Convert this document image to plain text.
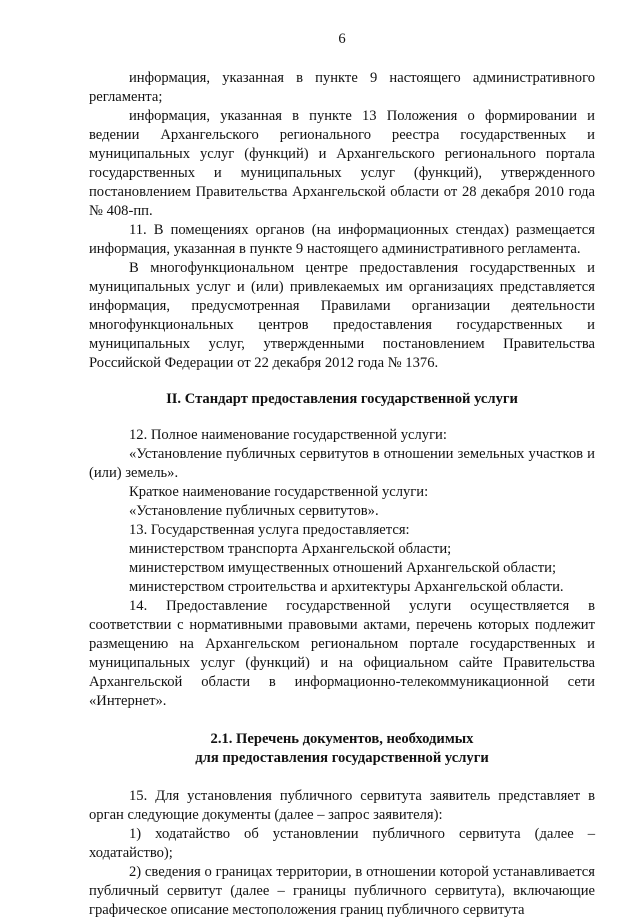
6

информация, указанная в пункте 9 настоящего административного регламента;

информация, указанная в пункте 13 Положения о формировании и ведении Архангельского регионального реестра государственных и муниципальных услуг (функций) и Архангельского регионального портала государственных и муниципальных услуг (функций), утвержденного постановлением Правительства Архангельской области от 28 декабря 2010 года № 408-пп.

11. В помещениях органов (на информационных стендах) размещается информация, указанная в пункте 9 настоящего административного регламента.

В многофункциональном центре предоставления государственных и муниципальных услуг и (или) привлекаемых им организациях представляется информация, предусмотренная Правилами организации деятельности многофункциональных центров предоставления государственных и муниципальных услуг, утвержденными постановлением Правительства Российской Федерации от 22 декабря 2012 года № 1376.

II. Стандарт предоставления государственной услуги

12. Полное наименование государственной услуги:

«Установление публичных сервитутов в отношении земельных участков и (или) земель».

Краткое наименование государственной услуги:

«Установление публичных сервитутов».

13. Государственная услуга предоставляется:

министерством транспорта Архангельской области;

министерством имущественных отношений Архангельской области;

министерством строительства и архитектуры Архангельской области.

14. Предоставление государственной услуги осуществляется в соответствии с нормативными правовыми актами, перечень которых подлежит размещению на Архангельском региональном портале государственных и муниципальных услуг (функций) и на официальном сайте Правительства Архангельской области в информационно-телекоммуникационной сети «Интернет».

2.1. Перечень документов, необходимых
для предоставления государственной услуги

15. Для установления публичного сервитута заявитель представляет в орган следующие документы (далее – запрос заявителя):

1) ходатайство об установлении публичного сервитута (далее – ходатайство);

2) сведения о границах территории, в отношении которой устанавливается публичный сервитут (далее – границы публичного сервитута), включающие графическое описание местоположения границ публичного сервитута
